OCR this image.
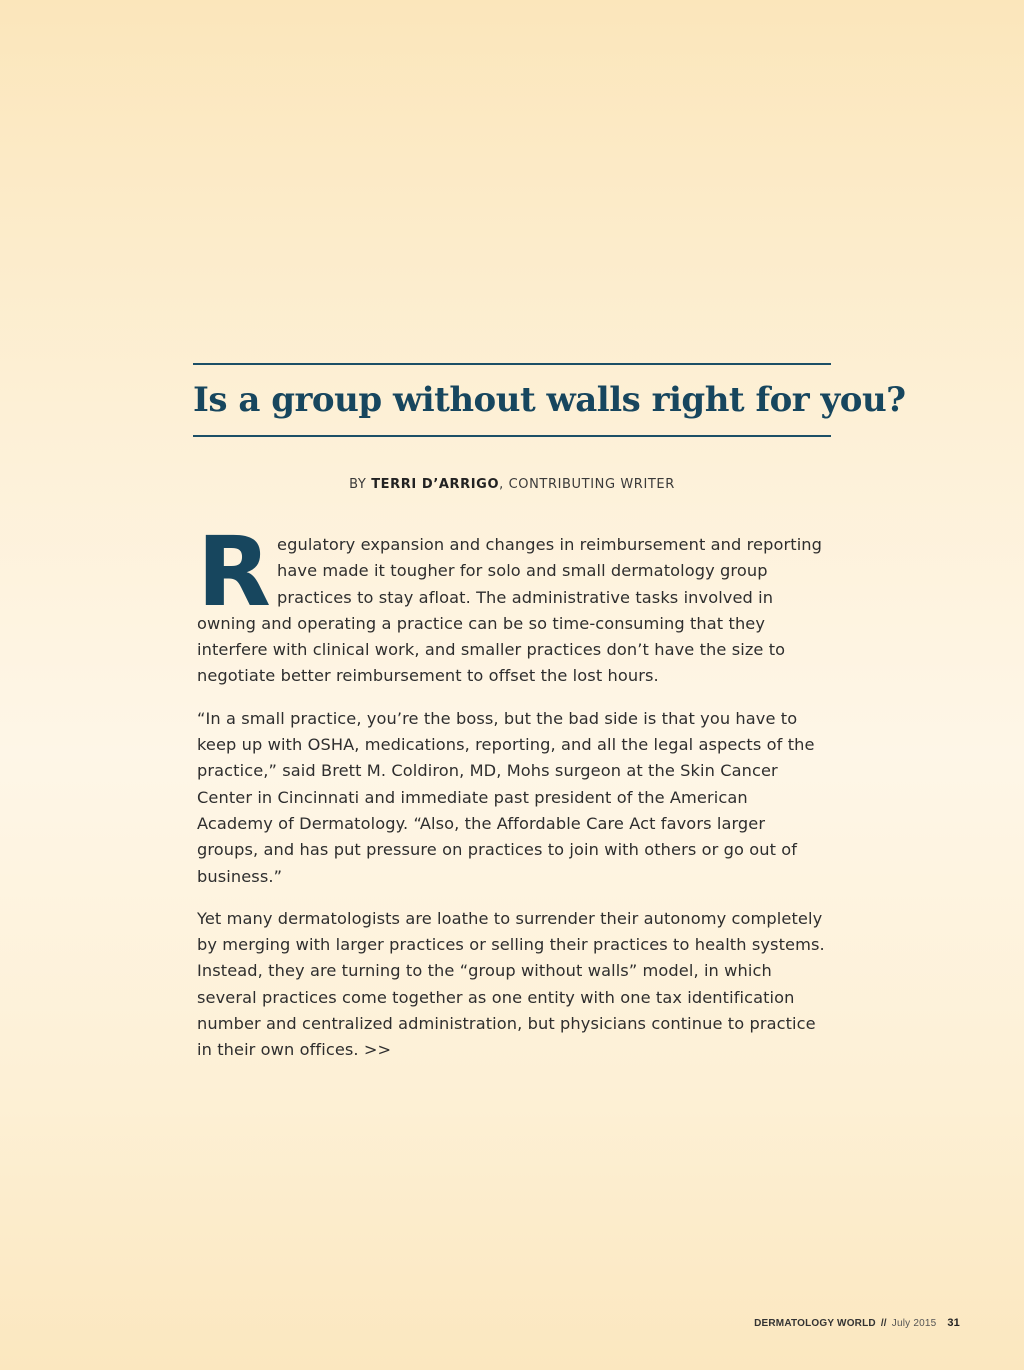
Is a group without walls right for you?
BY TERRI D’ARRIGO, CONTRIBUTING WRITER

Regulatory expansion and changes in reimbursement and reporting have made it tougher for solo and small dermatology group practices to stay afloat. The administrative tasks involved in owning and operating a practice can be so time-consuming that they interfere with clinical work, and smaller practices don’t have the size to negotiate better reimbursement to offset the lost hours.

“In a small practice, you’re the boss, but the bad side is that you have to keep up with OSHA, medications, reporting, and all the legal aspects of the practice,” said Brett M. Coldiron, MD, Mohs surgeon at the Skin Cancer Center in Cincinnati and immediate past president of the American Academy of Dermatology. “Also, the Affordable Care Act favors larger groups, and has put pressure on practices to join with others or go out of business.”

Yet many dermatologists are loathe to surrender their autonomy completely by merging with larger practices or selling their practices to health systems. Instead, they are turning to the “group without walls” model, in which several practices come together as one entity with one tax identification number and centralized administration, but physicians continue to practice in their own offices. >>

DERMATOLOGY WORLD // July 2015 31
